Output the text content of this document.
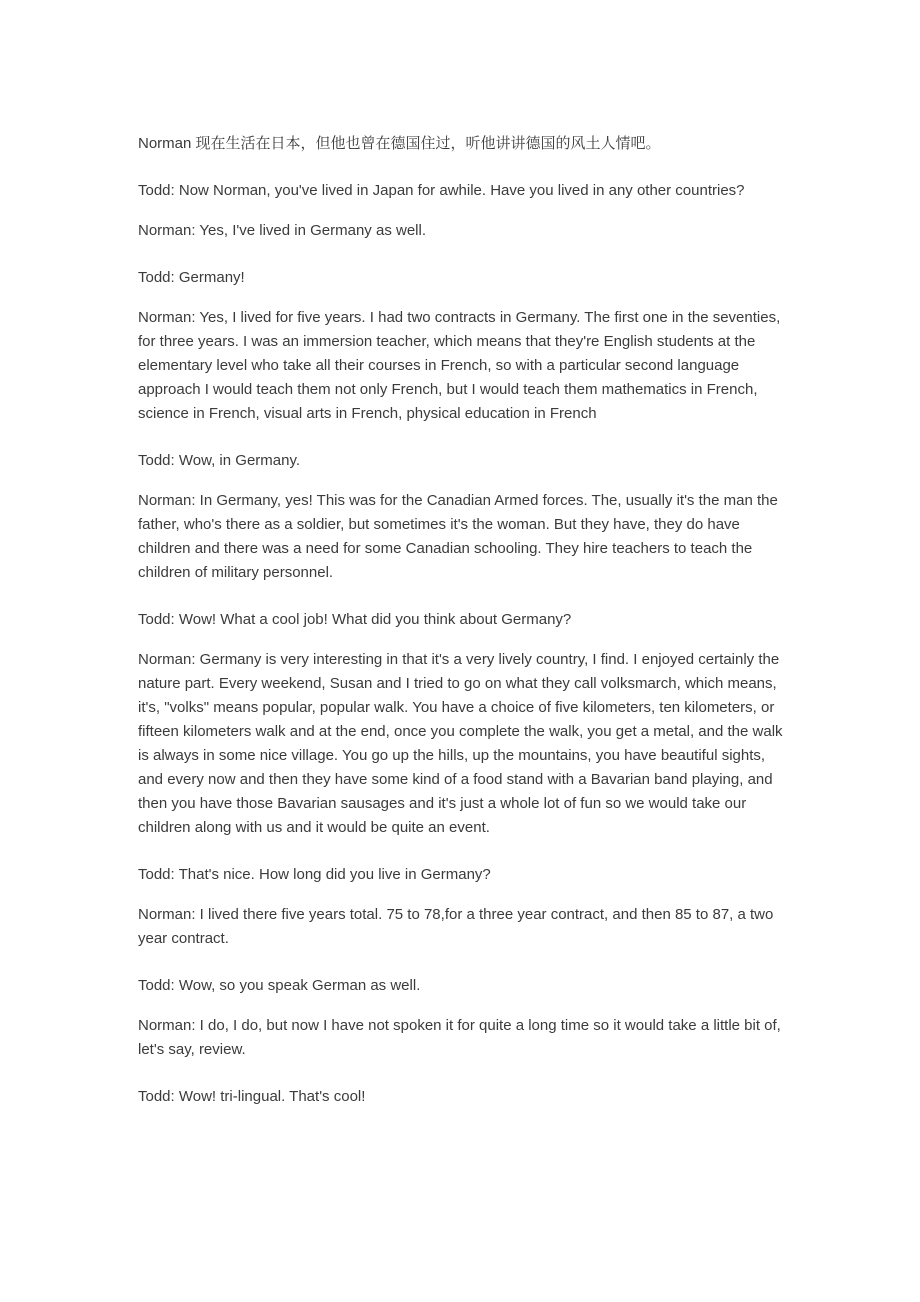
Norman 现在生活在日本，但他也曾在德国住过，听他讲讲德国的风土人情吧。

Todd: Now Norman, you've lived in Japan for awhile. Have you lived in any other countries?

Norman: Yes, I've lived in Germany as well.

Todd: Germany!

Norman: Yes, I lived for five years. I had two contracts in Germany. The first one in the seventies, for three years. I was an immersion teacher, which means that they're English students at the elementary level who take all their courses in French, so with a particular second language approach I would teach them not only French, but I would teach them mathematics in French, science in French, visual arts in French, physical education in French

Todd: Wow, in Germany.

Norman: In Germany, yes! This was for the Canadian Armed forces. The, usually it's the man the father, who's there as a soldier, but sometimes it's the woman. But they have, they do have children and there was a need for some Canadian schooling. They hire teachers to teach the children of military personnel.

Todd: Wow! What a cool job! What did you think about Germany?

Norman: Germany is very interesting in that it's a very lively country, I find. I enjoyed certainly the nature part. Every weekend, Susan and I tried to go on what they call volksmarch, which means, it's, "volks" means popular, popular walk. You have a choice of five kilometers, ten kilometers, or fifteen kilometers walk and at the end, once you complete the walk, you get a metal, and the walk is always in some nice village. You go up the hills, up the mountains, you have beautiful sights, and every now and then they have some kind of a food stand with a Bavarian band playing, and then you have those Bavarian sausages and it's just a whole lot of fun so we would take our children along with us and it would be quite an event.

Todd: That's nice. How long did you live in Germany?

Norman: I lived there five years total. 75 to 78,for a three year contract, and then 85 to 87, a two year contract.

Todd: Wow, so you speak German as well.

Norman: I do, I do, but now I have not spoken it for quite a long time so it would take a little bit of, let's say, review.

Todd: Wow! tri-lingual. That's cool!
